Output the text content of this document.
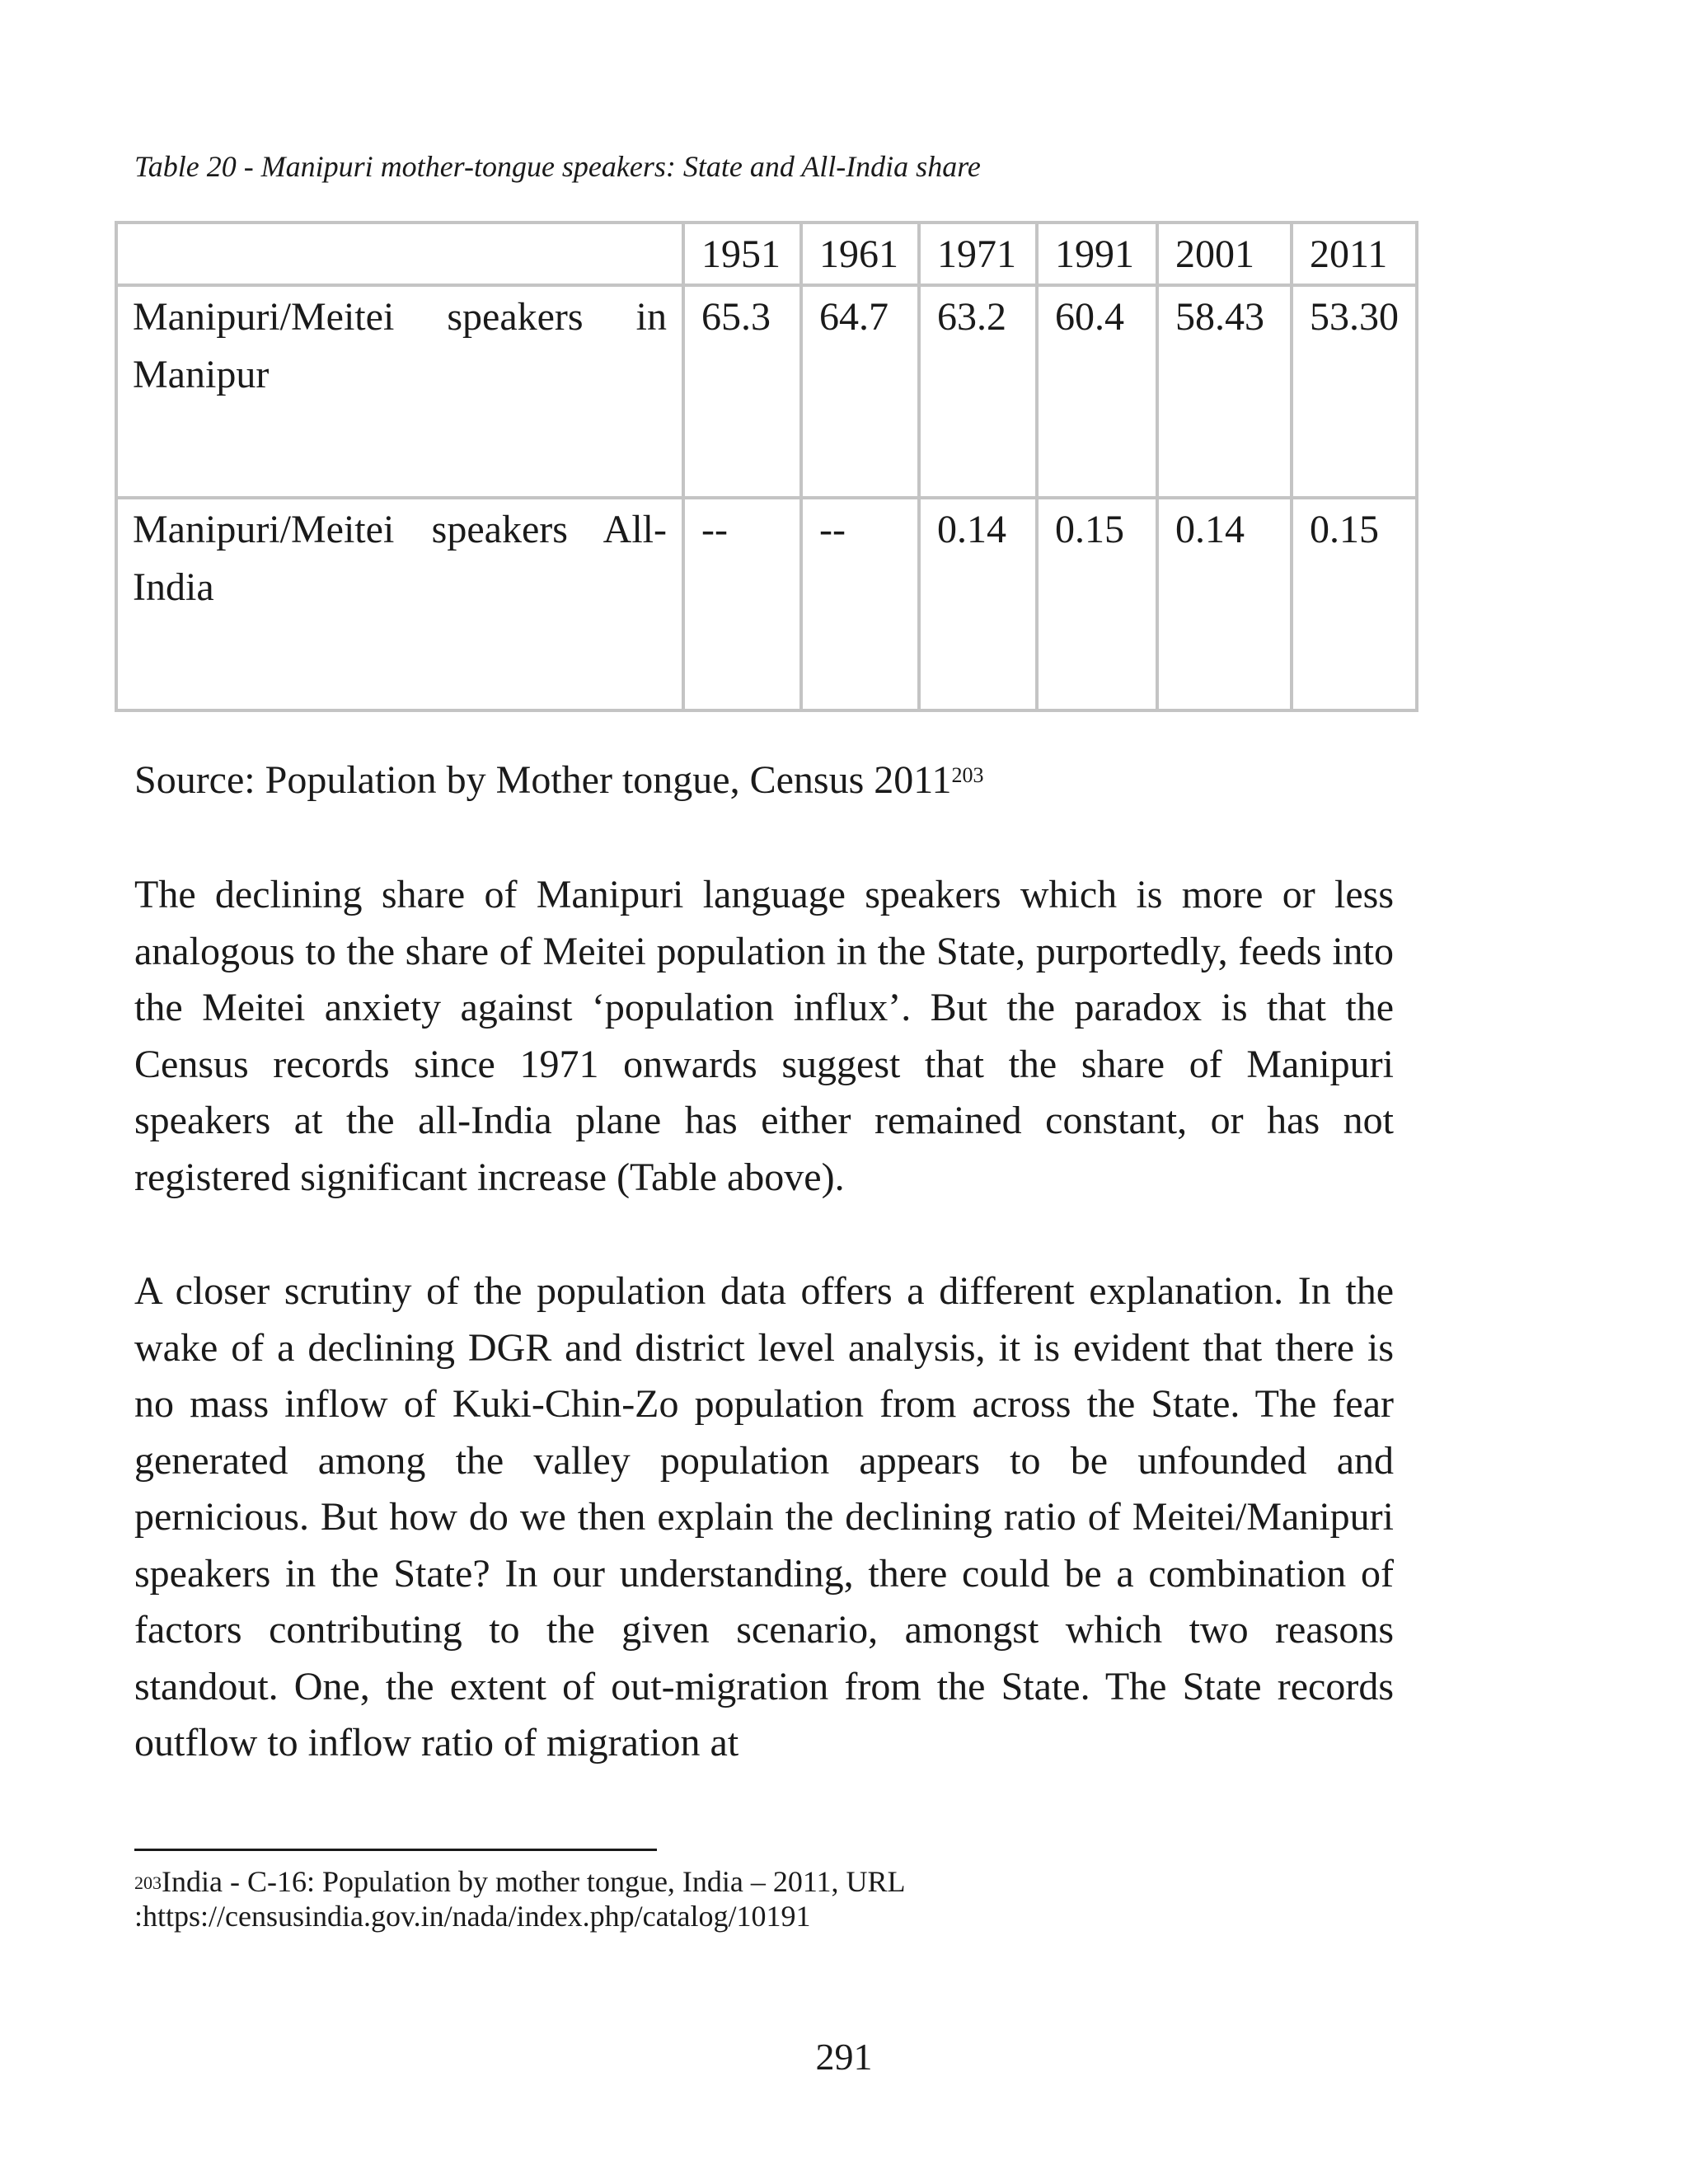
Table 20 - Manipuri mother-tongue speakers: State and All-India share
	1951	1961	1971	1991	2001	2011
Manipuri/Meitei speakers in Manipur	65.3	64.7	63.2	60.4	58.43	53.30
Manipuri/Meitei speakers All-India	--	--	0.14	0.15	0.14	0.15
Source: Population by Mother tongue, Census 2011$^{203}$

The declining share of Manipuri language speakers which is more or less analogous to the share of Meitei population in the State, purportedly, feeds into the Meitei anxiety against ‘population influx’. But the paradox is that the Census records since 1971 onwards suggest that the share of Manipuri speakers at the all-India plane has either remained constant, or has not registered significant increase (Table above).

A closer scrutiny of the population data offers a different explanation. In the wake of a declining DGR and district level analysis, it is evident that there is no mass inflow of Kuki-Chin-Zo population from across the State. The fear generated among the valley population appears to be unfounded and pernicious. But how do we then explain the declining ratio of Meitei/Manipuri speakers in the State? In our understanding, there could be a combination of factors contributing to the given scenario, amongst which two reasons standout. One, the extent of out-migration from the State. The State records outflow to inflow ratio of migration at

$^{203}$India - C-16: Population by mother tongue, India – 2011, URL
:https://censusindia.gov.in/nada/index.php/catalog/10191
291
